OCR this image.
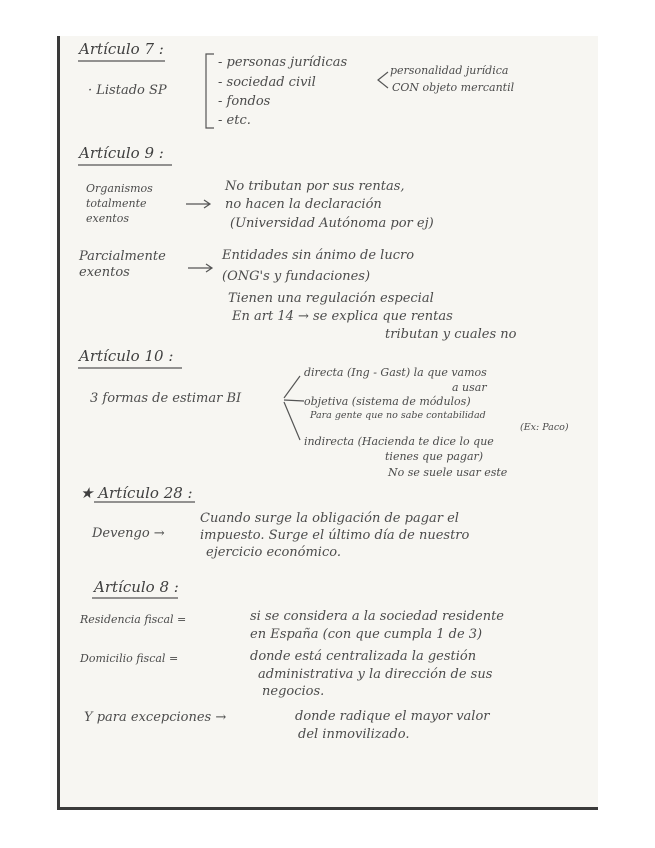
Artículo 7 :
· Listado SP
- personas jurídicas
- sociedad civil
- fondos
- etc.
personalidad jurídica
CON objeto mercantil
Artículo 9 :
Organismos
totalmente
exentos
No tributan por sus rentas,
no hacen la declaración
(Universidad Autónoma por ej)
Parcialmente
exentos
Entidades sin ánimo de lucro
(ONG's y fundaciones)
Tienen una regulación especial
En art 14 → se explica que rentas
tributan y cuales no
Artículo 10 :
3 formas de estimar BI
directa (Ing - Gast) la que vamos
a usar
objetiva (sistema de módulos)
Para gente que no sabe contabilidad
(Ex: Paco)
indirecta (Hacienda te dice lo que
tienes que pagar)
No se suele usar este
★ Artículo 28 :
Devengo →
Cuando surge la obligación de pagar el
impuesto. Surge el último día de nuestro
ejercicio económico.
Artículo 8 :
Residencia fiscal =	si se considera a la sociedad residente
en España (con que cumpla 1 de 3)
Domicilio fiscal =	donde está centralizada la gestión
administrativa y la dirección de sus
negocios.
Y para excepciones →	donde radique el mayor valor
del inmovilizado.
